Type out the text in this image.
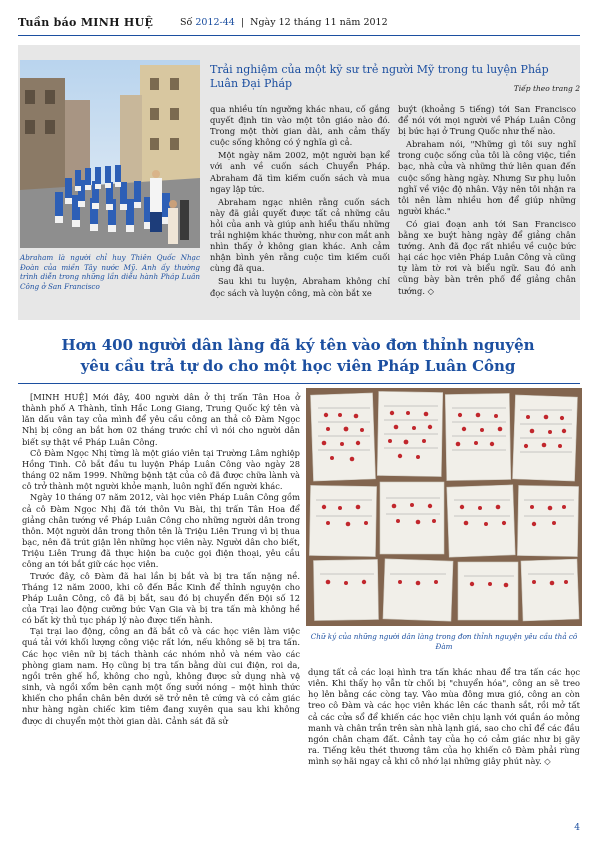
Tuần báo MINH HUỆ	Số 2012-44  |  Ngày 12 tháng 11 năm 2012
Abraham là người chỉ huy Thiên Quốc Nhạc Đoàn của miền Tây nước Mỹ. Anh ấy thường trình diễn trong những lần diễu hành Pháp Luân Công ở San Francisco
Trải nghiệm của một kỹ sư trẻ người Mỹ trong tu luyện Pháp Luân Đại Pháp	Tiếp theo trang 2

qua nhiều tín ngưỡng khác nhau, cố gắng quyết định tin vào một tôn giáo nào đó. Trong một thời gian dài, anh cảm thấy cuộc sống không có ý nghĩa gì cả.

Một ngày năm 2002, một người bạn kể với anh về cuốn sách Chuyển Pháp. Abraham đã tìm kiếm cuốn sách và mua ngay lập tức.

Abraham ngạc nhiên rằng cuốn sách này đã giải quyết được tất cả những câu hỏi của anh và giúp anh hiểu thấu những trải nghiệm khác thường, như con mắt anh nhìn thấy ở không gian khác. Anh cảm nhận bình yên rằng cuộc tìm kiếm cuối cùng đã qua.

Sau khi tu luyện, Abraham không chỉ đọc sách và luyện công, mà còn bắt xe

buýt (khoảng 5 tiếng) tới San Francisco để nói với mọi người về Pháp Luân Công bị bức hại ở Trung Quốc như thế nào.

Abraham nói, "Những gì tôi suy nghĩ trong cuộc sống của tôi là công việc, tiền bạc, nhà cửa và những thứ liên quan đến cuộc sống hàng ngày. Nhưng Sư phụ luôn nghĩ về việc độ nhân. Vậy nên tôi nhận ra tôi nên làm nhiều hơn để giúp những người khác."

Có giai đoạn anh tới San Francisco bằng xe buýt hàng ngày để giảng chân tướng. Anh đã đọc rất nhiều về cuộc bức hại các học viên Pháp Luân Công và cũng tự làm tờ rơi và biểu ngữ. Sau đó anh cũng bày bàn trên phố để giảng chân tướng. ◇

Hơn 400 người dân làng đã ký tên vào đơn thỉnh nguyện
yêu cầu trả tự do cho một học viên Pháp Luân Công

[MINH HUỆ] Mới đây, 400 người dân ở thị trấn Tân Hoa ở thành phố A Thành, tỉnh Hắc Long Giang, Trung Quốc ký tên và lăn dấu vân tay của mình để yêu cầu công an thả cô Đàm Ngọc Nhị bị công an bắt hơn 02 tháng trước chỉ vì nói cho người dân biết sự thật về Pháp Luân Công.

Cô Đàm Ngọc Nhị từng là một giáo viên tại Trường Lâm nghiệp Hồng Tinh. Cô bắt đầu tu luyện Pháp Luân Công vào ngày 28 tháng 02 năm 1999. Những bệnh tật của cô đã được chữa lành và cô trở thành một người khỏe mạnh, luôn nghĩ đến người khác.

Ngày 10 tháng 07 năm 2012, vài học viên Pháp Luân Công gồm cả cô Đàm Ngọc Nhị đã tới thôn Vu Bài, thị trấn Tân Hoa để giảng chân tướng về Pháp Luân Công cho những người dân trong thôn. Một người dân trong thôn tên là Triệu Liên Trung vì bị thua bạc, nên đã trút giận lên những học viên này. Người dân cho biết, Triệu Liên Trung đã thực hiện ba cuộc gọi điện thoại, yêu cầu công an tới bắt giữ các học viên.

Trước đây, cô Đàm đã hai lần bị bắt và bị tra tấn nặng nề. Tháng 12 năm 2000, khi cô đến Bắc Kinh để thỉnh nguyện cho Pháp Luân Công, cô đã bị bắt, sau đó bị chuyển đến Đội số 12 của Trại lao động cưỡng bức Vạn Gia và bị tra tấn mà không hề có bất kỳ thủ tục pháp lý nào được tiến hành.

Tại trại lao động, công an đã bắt cô và các học viên làm việc quá tải với khối lượng công việc rất lớn, nếu không sẽ bị tra tấn. Các học viên nữ bị tách thành các nhóm nhỏ và ném vào các phòng giam nam. Họ cũng bị tra tấn bằng dùi cui điện, roi da, ngồi trên ghế hổ, không cho ngủ, không được sử dụng nhà vệ sinh, và ngồi xổm bên cạnh một ống sưởi nóng – một hình thức khiến cho phần chân bên dưới sẽ trở nên tê cứng và có cảm giác như hàng ngàn chiếc kim tiêm đang xuyên qua sau khi không được di chuyển một thời gian dài. Cảnh sát đã sử

Chữ ký của những người dân làng trong đơn thỉnh nguyện yêu cầu thả cô Đàm

dụng tất cả các loại hình tra tấn khác nhau để tra tấn các học viên. Khi thấy họ vẫn từ chối bị "chuyển hóa", công an sẽ treo họ lên bằng các còng tay. Vào mùa đông mưa gió, công an còn treo cô Đàm và các học viên khác lên các thanh sắt, rồi mở tất cả các cửa sổ để khiến các học viên chịu lạnh với quần áo mỏng manh và chân trần trên sàn nhà lạnh giá, sao cho chỉ để các đầu ngón chân chạm đất. Cảnh tay của họ có cảm giác như bị gãy ra. Tiếng kêu thét thương tâm của họ khiến cô Đàm phải rùng mình sợ hãi ngay cả khi cô nhớ lại những giây phút này. ◇

4
